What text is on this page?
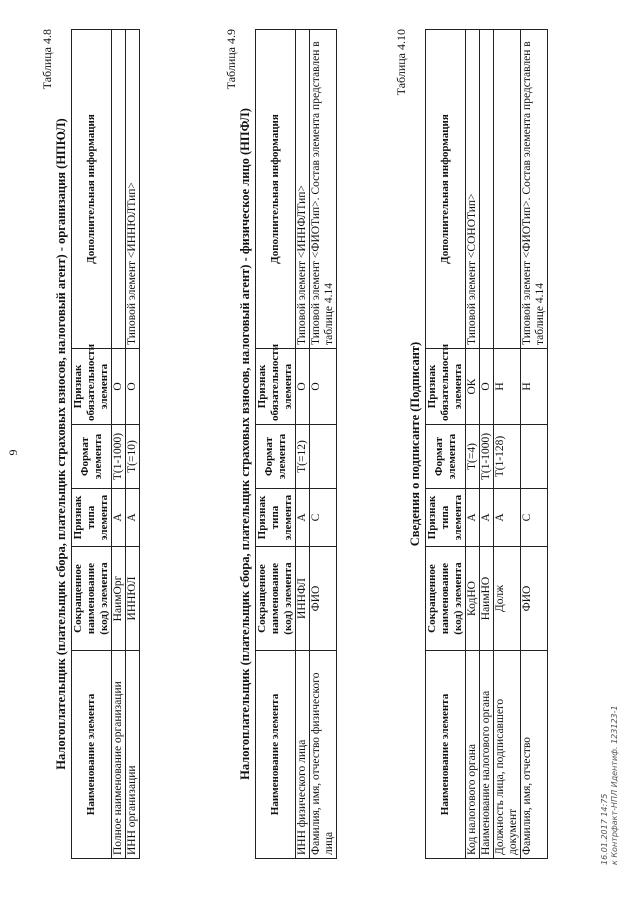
9
Таблица 4.8
Налогоплательщик (плательщик сбора, плательщик страховых взносов, налоговый агент) - организация (НПЮЛ) Наименование элемента	Сокращенное наименование (код) элемента	Признак типа элемента	Формат элемента	Признак обязательности элемента	Дополнительная информация
Полное наименование организации	НаимОрг	А	Т(1-1000)	О	
ИНН организации	ИННЮЛ	А	Т(=10)	О	Типовой элемент <ИННЮЛТип>
Таблица 4.9
Налогоплательщик (плательщик сбора, плательщик страховых взносов, налоговый агент) - физическое лицо (НПФЛ) Наименование элемента	Сокращенное наименование (код) элемента	Признак типа элемента	Формат элемента	Признак обязательности элемента	Дополнительная информация
ИНН физического лица	ИННФЛ	А	Т(=12)	О	Типовой элемент <ИННФЛТип>
Фамилия, имя, отчество физического лица	ФИО	С		О	Типовой элемент <ФИОТип>. Состав элемента представлен в таблице 4.14
Таблица 4.10
Сведения о подписанте (Подписант)
Наименование элемента	Сокращенное наименование (код) элемента	Признак типа элемента	Формат элемента	Признак обязательности элемента	Дополнительная информация
Код налогового органа	КодНО	А	Т(=4)	ОК	Типовой элемент <СОНОТип>
Наименование налогового органа	НаимНО	А	Т(1-1000)	О	
Должность лица, подписавшего документ	Долж	А	Т(1-128)	Н	
Фамилия, имя, отчество	ФИО	С		Н	Типовой элемент <ФИОТип>. Состав элемента представлен в таблице 4.14
16.01.2017 14:75 к Контрфакт-НПЛ Идентиф. 123123-1
